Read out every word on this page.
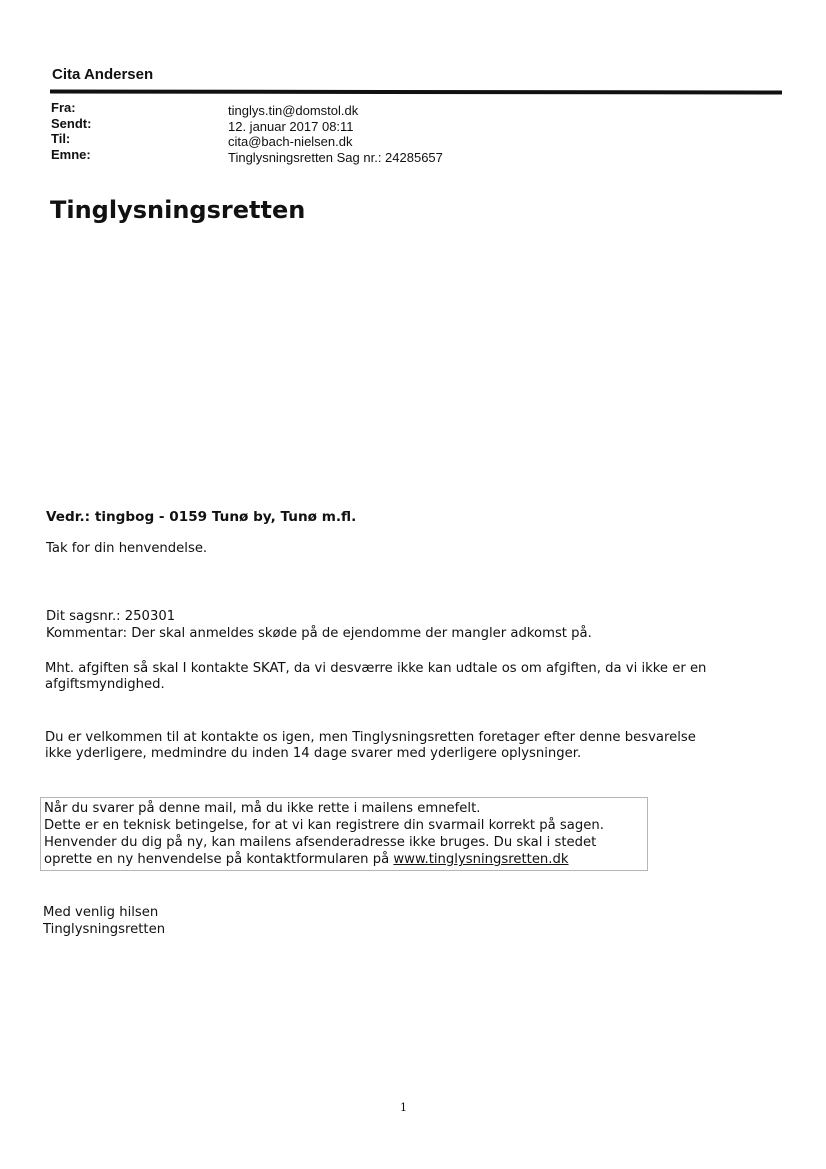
Cita Andersen
Fra:	tinglys.tin@domstol.dk
Sendt:	12. januar 2017 08:11
Til:	cita@bach-nielsen.dk
Emne:	Tinglysningsretten Sag nr.: 24285657
Tinglysningsretten
Vedr.: tingbog - 0159 Tunø by, Tunø m.fl.
Tak for din henvendelse.
Dit sagsnr.: 250301
Kommentar: Der skal anmeldes skøde på de ejendomme der mangler adkomst på.
Mht. afgiften så skal I kontakte SKAT, da vi desværre ikke kan udtale os om afgiften, da vi ikke er en
afgiftsmyndighed.
Du er velkommen til at kontakte os igen, men Tinglysningsretten foretager efter denne besvarelse
ikke yderligere, medmindre du inden 14 dage svarer med yderligere oplysninger.
Når du svarer på denne mail, må du ikke rette i mailens emnefelt.
Dette er en teknisk betingelse, for at vi kan registrere din svarmail korrekt på sagen.
Henvender du dig på ny, kan mailens afsenderadresse ikke bruges. Du skal i stedet
oprette en ny henvendelse på kontaktformularen på www.tinglysningsretten.dk
Med venlig hilsen
Tinglysningsretten
1
